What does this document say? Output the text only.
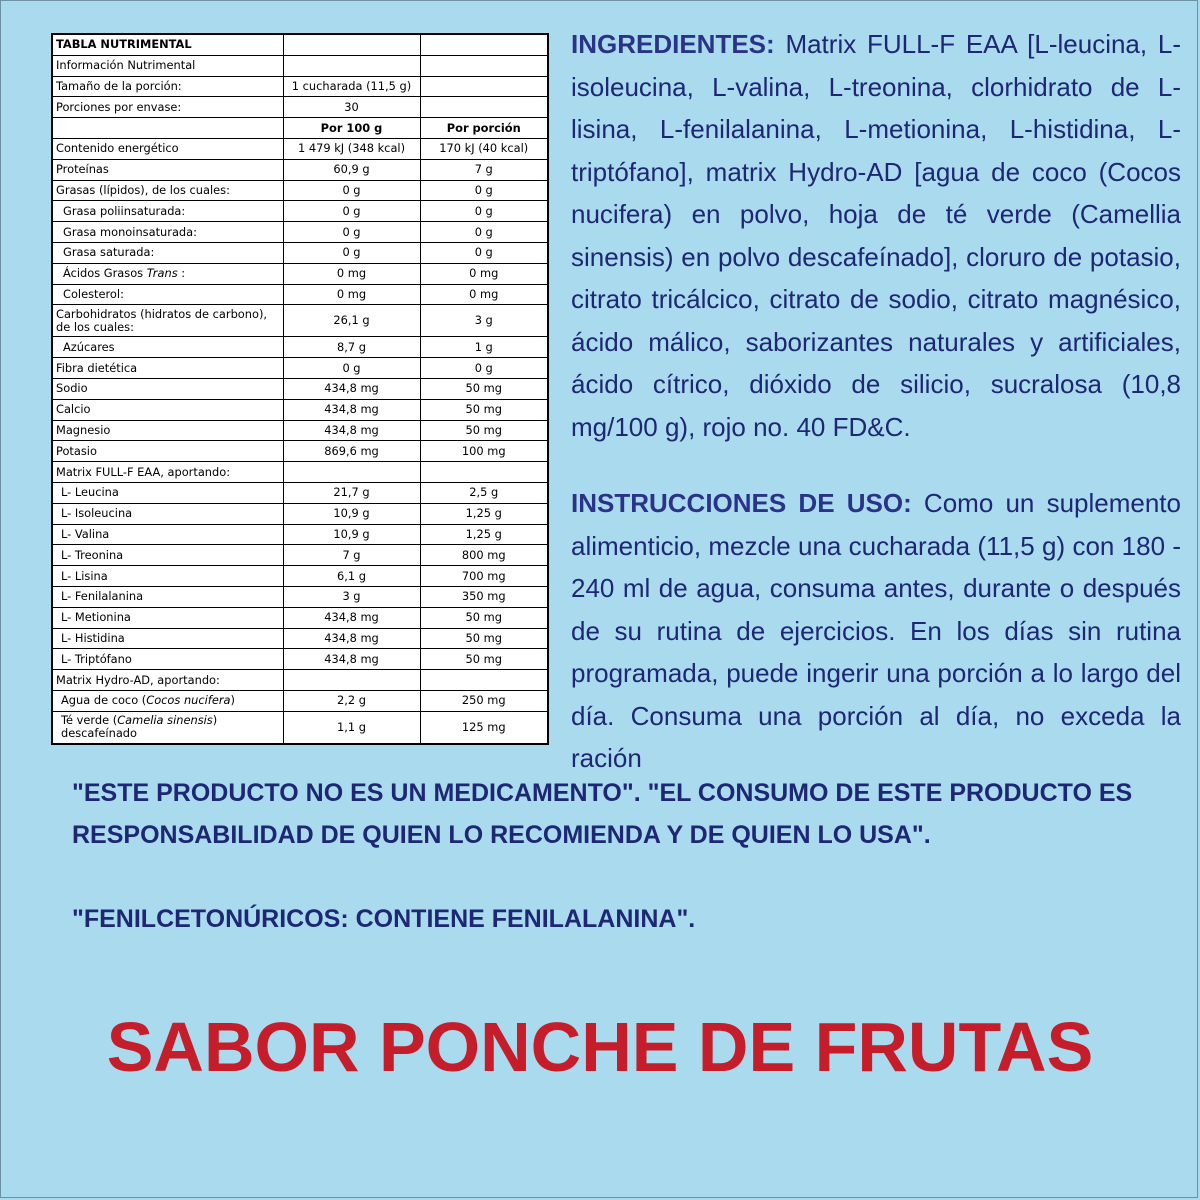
TABLA NUTRIMENTAL		
Información Nutrimental		
Tamaño de la porción:	1 cucharada (11,5 g)	
Porciones por envase:	30	
	Por 100 g	Por porción
Contenido energético	1 479 kJ (348 kcal)	170 kJ (40 kcal)
Proteínas	60,9 g	7 g
Grasas (lípidos), de los cuales:	0 g	0 g
Grasa poliinsaturada:	0 g	0 g
Grasa monoinsaturada:	0 g	0 g
Grasa saturada:	0 g	0 g
Ácidos Grasos Trans :	0 mg	0 mg
Colesterol:	0 mg	0 mg
Carbohidratos (hidratos de carbono), de los cuales:	26,1 g	3 g
Azúcares	8,7 g	1 g
Fibra dietética	0 g	0 g
Sodio	434,8 mg	50 mg
Calcio	434,8 mg	50 mg
Magnesio	434,8 mg	50 mg
Potasio	869,6 mg	100 mg
Matrix FULL-F EAA, aportando:		
L- Leucina	21,7 g	2,5 g
L- Isoleucina	10,9 g	1,25 g
L- Valina	10,9 g	1,25 g
L- Treonina	7 g	800 mg
L- Lisina	6,1 g	700 mg
L- Fenilalanina	3 g	350 mg
L- Metionina	434,8 mg	50 mg
L- Histidina	434,8 mg	50 mg
L- Triptófano	434,8 mg	50 mg
Matrix Hydro-AD, aportando:		
Agua de coco (Cocos nucifera)	2,2 g	250 mg
Té verde (Camelia sinensis) descafeínado	1,1 g	125 mg
INGREDIENTES: Matrix FULL-F EAA [L-leucina, L-isoleucina, L-valina, L-treonina, clorhidrato de L-lisina, L-fenilalanina, L-metionina, L-histidina, L-triptófano], matrix Hydro-AD [agua de coco (Cocos nucifera) en polvo, hoja de té verde (Camellia sinensis) en polvo descafeínado], cloruro de potasio, citrato tricálcico, citrato de sodio, citrato magnésico, ácido málico, saborizantes naturales y artificiales, ácido cítrico, dióxido de silicio, sucralosa (10,8 mg/100 g), rojo no. 40 FD&C.
INSTRUCCIONES DE USO: Como un suplemento alimenticio, mezcle una cucharada (11,5 g) con 180 - 240 ml de agua, consuma antes, durante o después de su rutina de ejercicios. En los días sin rutina programada, puede ingerir una porción a lo largo del día. Consuma una porción al día, no exceda la ración

"ESTE PRODUCTO NO ES UN MEDICAMENTO". "EL CONSUMO DE ESTE PRODUCTO ES RESPONSABILIDAD DE QUIEN LO RECOMIENDA Y DE QUIEN LO USA".

"FENILCETONÚRICOS: CONTIENE FENILALANINA".

SABOR PONCHE DE FRUTAS
